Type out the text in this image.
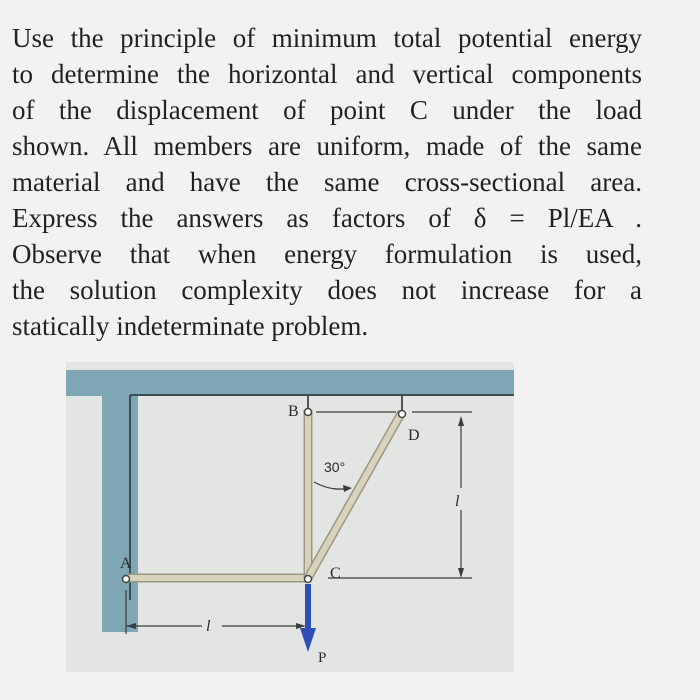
Use the principle of minimum total potential energy
to determine the horizontal and vertical components
of the displacement of point C under the load
shown. All members are uniform, made of the same
material and have the same cross-sectional area.
Express the answers as factors of δ = Pl/EA .
Observe that when energy formulation is used,
the solution complexity does not increase for a
statically indeterminate problem.
B
D
A
C
P
30°
l
l
